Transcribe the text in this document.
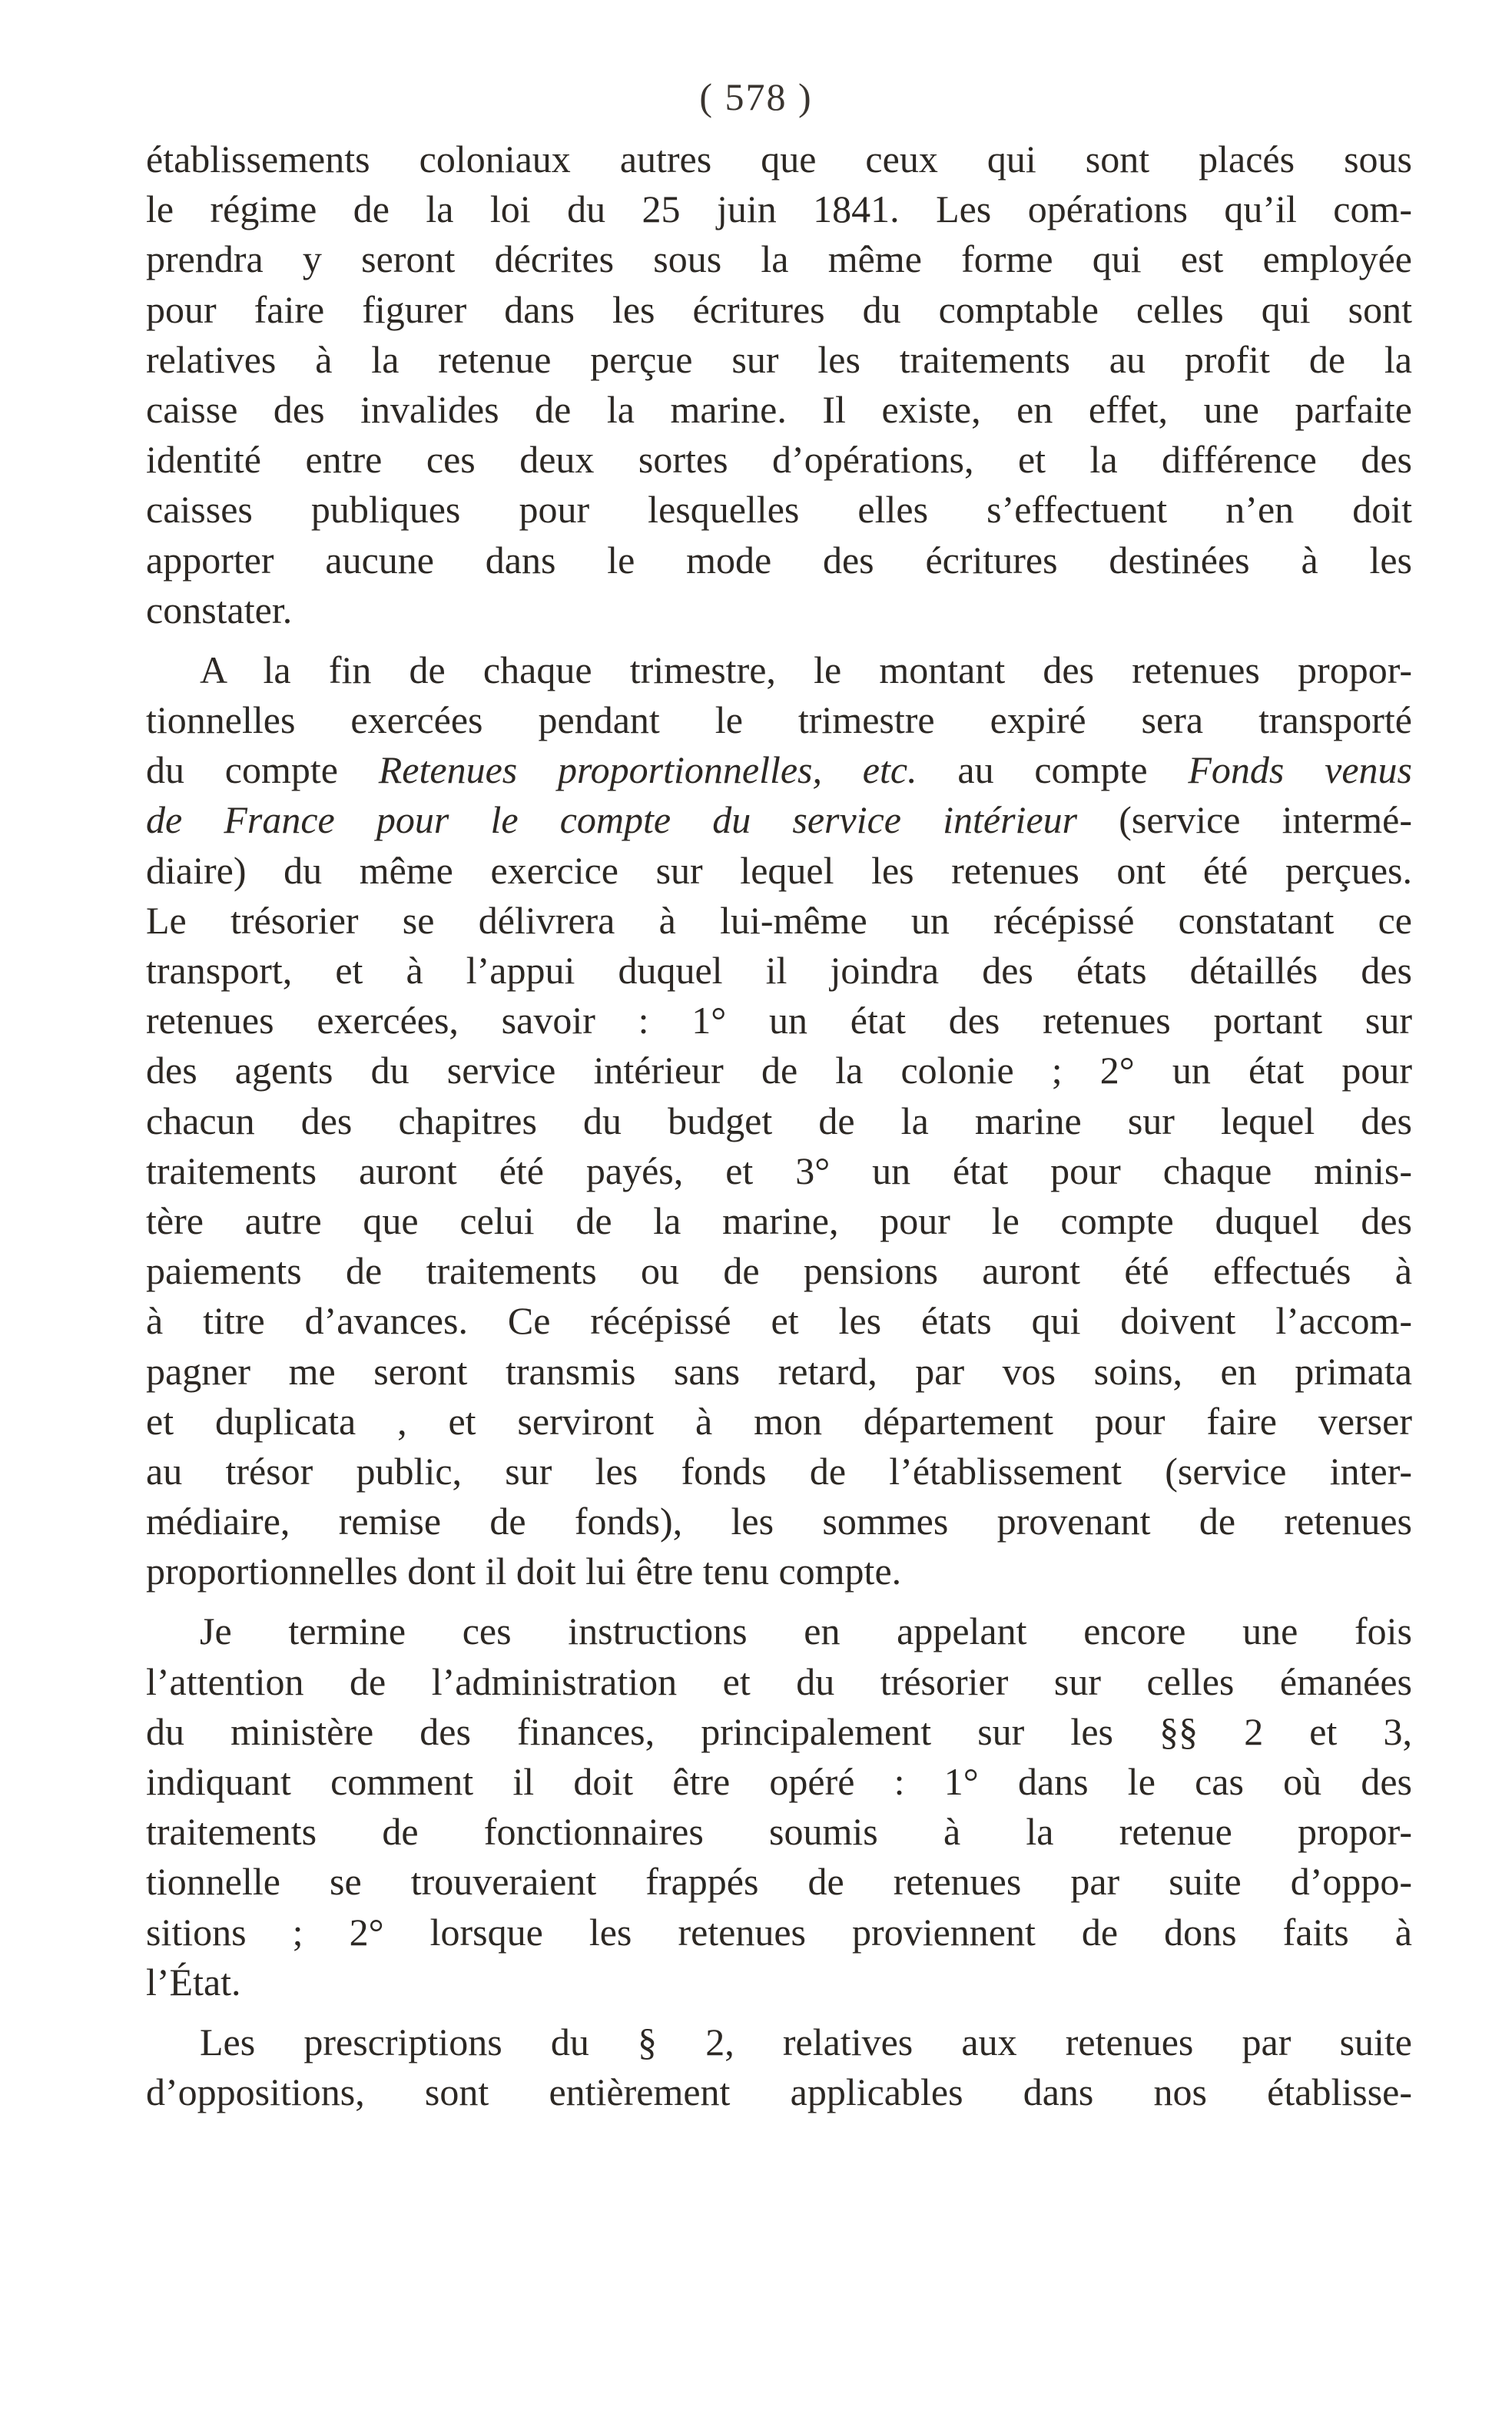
( 578 )
établissements coloniaux autres que ceux qui sont placés sous
le régime de la loi du 25 juin 1841. Les opérations qu’il com-
prendra y seront décrites sous la même forme qui est employée
pour faire figurer dans les écritures du comptable celles qui sont
relatives à la retenue perçue sur les traitements au profit de la
caisse des invalides de la marine. Il existe, en effet, une parfaite
identité entre ces deux sortes d’opérations, et la différence des
caisses publiques pour lesquelles elles s’effectuent n’en doit
apporter aucune dans le mode des écritures destinées à les
constater.
A la fin de chaque trimestre, le montant des retenues propor-
tionnelles exercées pendant le trimestre expiré sera transporté
du compte Retenues proportionnelles, etc. au compte Fonds venus
de France pour le compte du service intérieur (service intermé-
diaire) du même exercice sur lequel les retenues ont été perçues.
Le trésorier se délivrera à lui-même un récépissé constatant ce
transport, et à l’appui duquel il joindra des états détaillés des
retenues exercées, savoir : 1° un état des retenues portant sur
des agents du service intérieur de la colonie ; 2° un état pour
chacun des chapitres du budget de la marine sur lequel des
traitements auront été payés, et 3° un état pour chaque minis-
tère autre que celui de la marine, pour le compte duquel des
paiements de traitements ou de pensions auront été effectués à
à titre d’avances. Ce récépissé et les états qui doivent l’accom-
pagner me seront transmis sans retard, par vos soins, en primata
et duplicata , et serviront à mon département pour faire verser
au trésor public, sur les fonds de l’établissement (service inter-
médiaire, remise de fonds), les sommes provenant de retenues
proportionnelles dont il doit lui être tenu compte.
Je termine ces instructions en appelant encore une fois
l’attention de l’administration et du trésorier sur celles émanées
du ministère des finances, principalement sur les §§ 2 et 3,
indiquant comment il doit être opéré : 1° dans le cas où des
traitements de fonctionnaires soumis à la retenue propor-
tionnelle se trouveraient frappés de retenues par suite d’oppo-
sitions ; 2° lorsque les retenues proviennent de dons faits à
l’État.
Les prescriptions du § 2, relatives aux retenues par suite
d’oppositions, sont entièrement applicables dans nos établisse-
